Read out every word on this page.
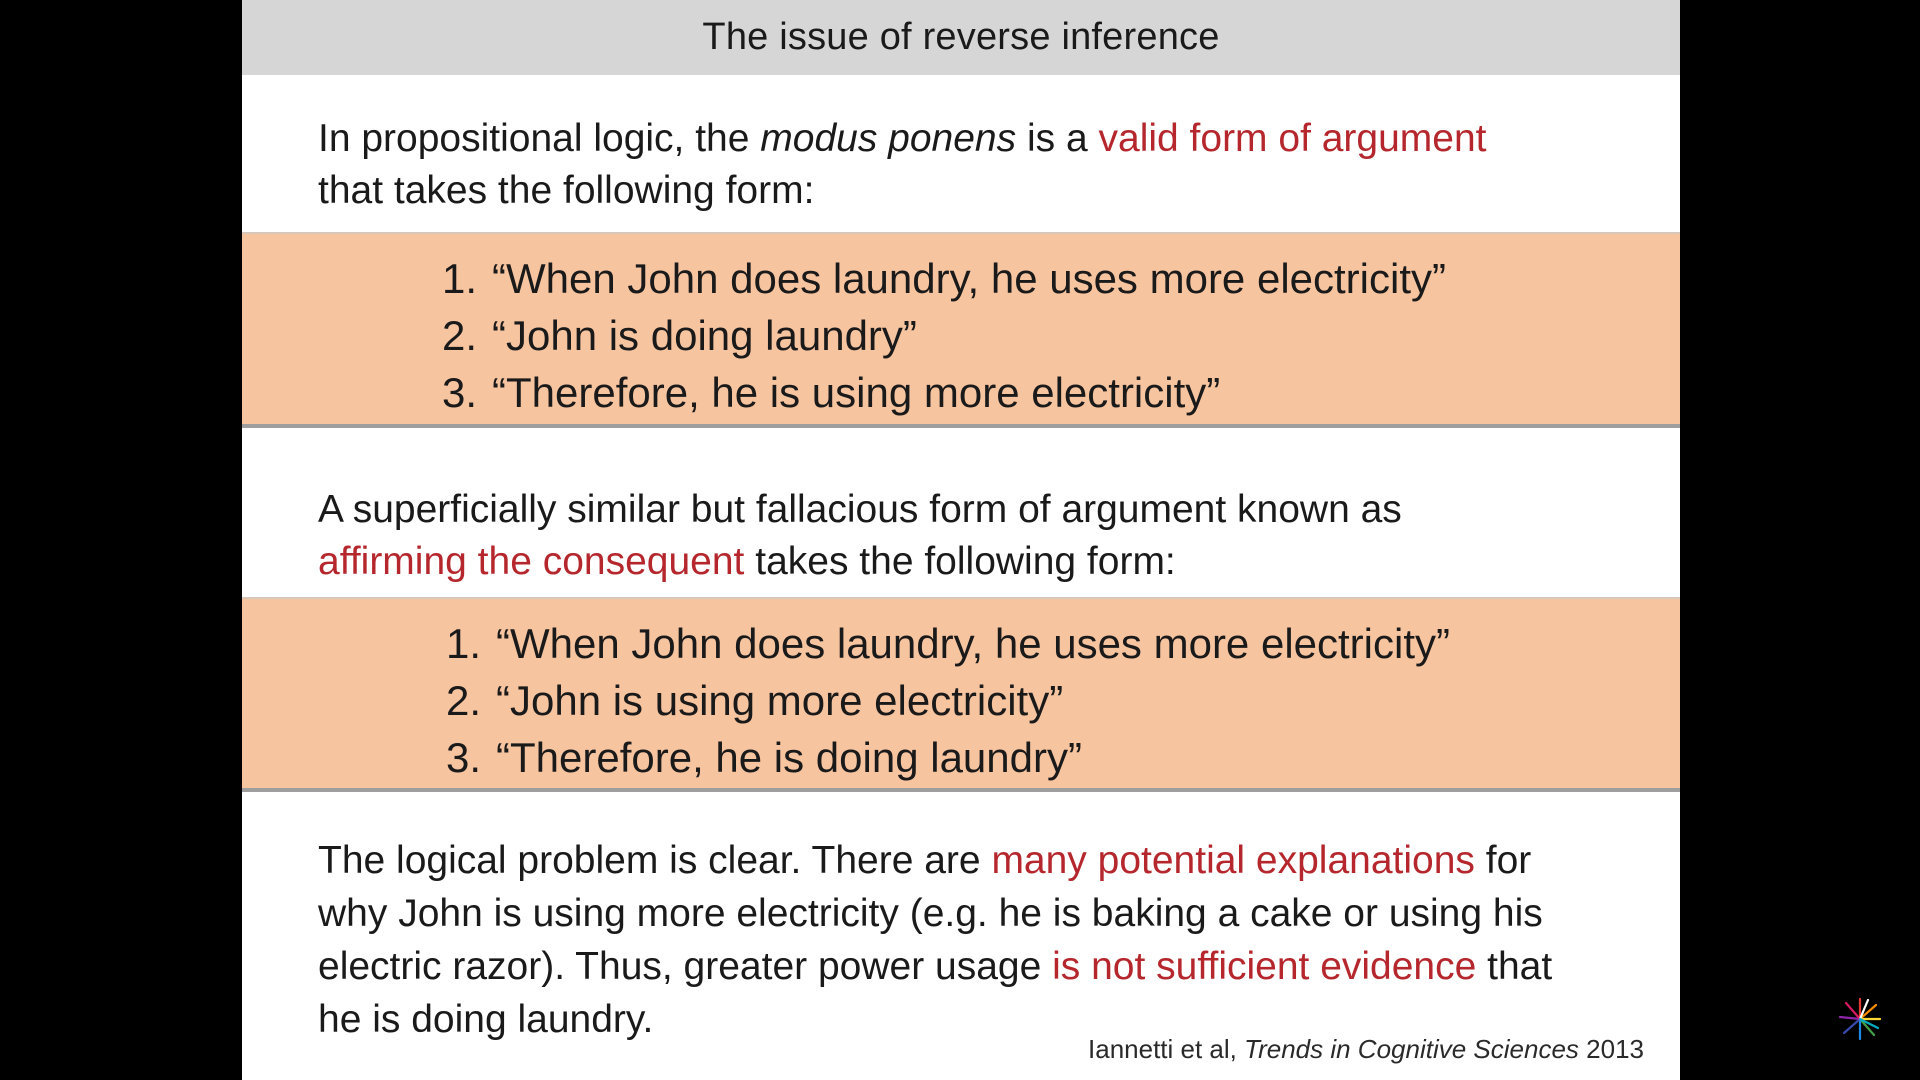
The issue of reverse inference
In propositional logic, the modus ponens is a valid form of argument
that takes the following form:
1. “When John does laundry, he uses more electricity”
2. “John is doing laundry”
3. “Therefore, he is using more electricity”
A superficially similar but fallacious form of argument known as
affirming the consequent takes the following form:
1. “When John does laundry, he uses more electricity”
2. “John is using more electricity”
3. “Therefore, he is doing laundry”
The logical problem is clear. There are many potential explanations for
why John is using more electricity (e.g. he is baking a cake or using his
electric razor). Thus, greater power usage is not sufficient evidence that
he is doing laundry.
Iannetti et al, Trends in Cognitive Sciences 2013
